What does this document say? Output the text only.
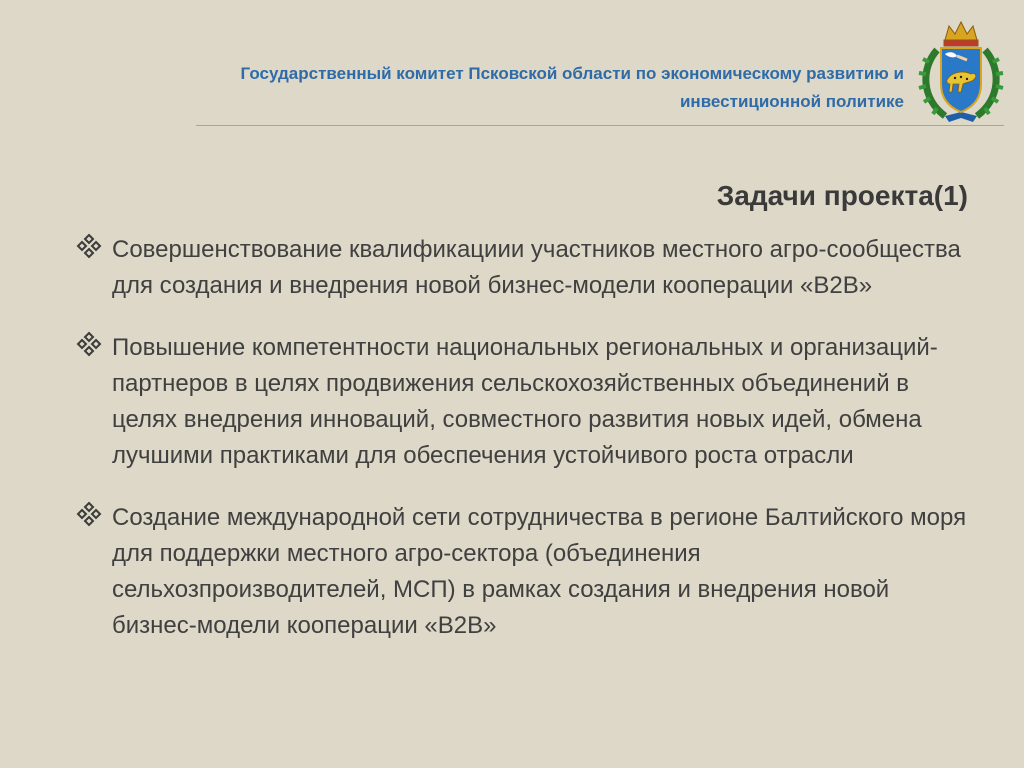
Государственный комитет Псковской области по экономическому развитию и инвестиционной политике
Задачи проекта(1)
Совершенствование квалификациии участников местного агро-сообщества для создания и внедрения новой бизнес-модели кооперации «B2B»
Повышение компетентности национальных региональных и организаций-партнеров в целях продвижения сельскохозяйственных объединений в целях внедрения инноваций, совместного развития новых идей, обмена лучшими практиками для обеспечения устойчивого роста отрасли
Создание международной сети сотрудничества в регионе Балтийского моря для поддержки местного агро-сектора (объединения сельхозпроизводителей, МСП) в рамках создания и внедрения новой бизнес-модели кооперации «B2B»
